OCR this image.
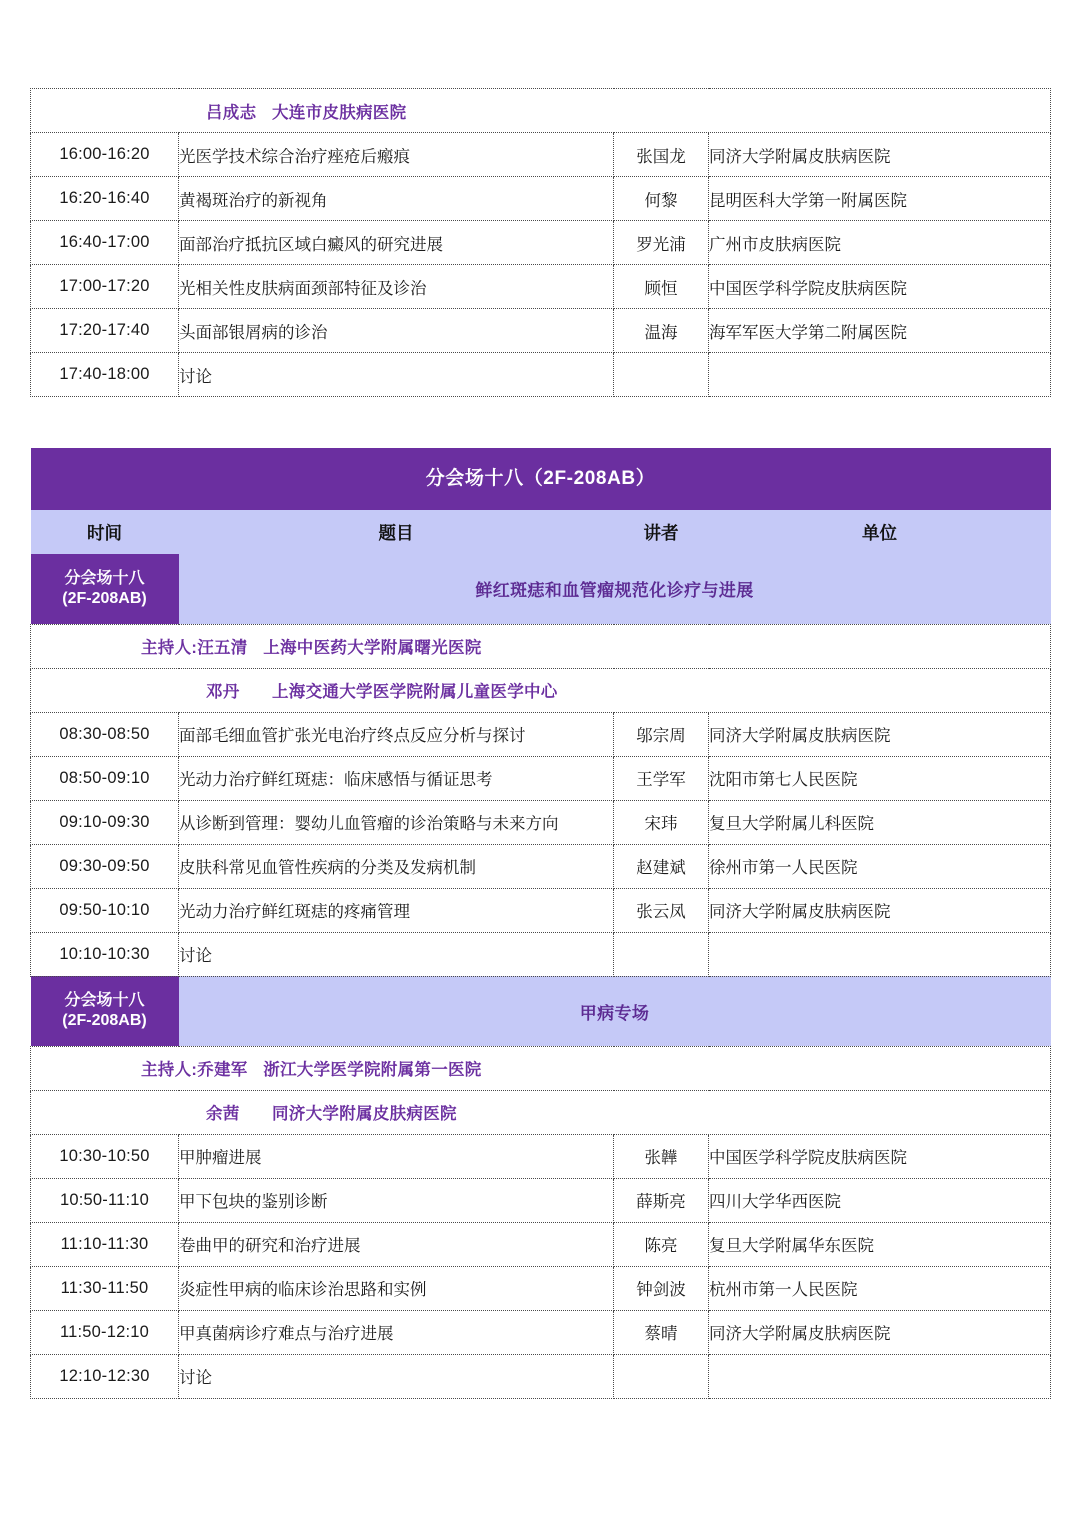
吕成志 大连市皮肤病医院			
16:00-16:20	光医学技术综合治疗痤疮后瘢痕	张国龙	同济大学附属皮肤病医院
16:20-16:40	黄褐斑治疗的新视角	何黎	昆明医科大学第一附属医院
16:40-17:00	面部治疗抵抗区域白癜风的研究进展	罗光浦	广州市皮肤病医院
17:00-17:20	光相关性皮肤病面颈部特征及诊治	顾恒	中国医学科学院皮肤病医院
17:20-17:40	头面部银屑病的诊治	温海	海军军医大学第二附属医院
17:40-18:00	讨论		
分会场十八（2F-208AB）			
时间	题目	讲者	单位

分会场十八
(2F-208AB)	鲜红斑痣和血管瘤规范化诊疗与进展		
主持人:汪五清 上海中医药大学附属曙光医院			
邓丹 上海交通大学医学院附属儿童医学中心			
08:30-08:50	面部毛细血管扩张光电治疗终点反应分析与探讨	邬宗周	同济大学附属皮肤病医院
08:50-09:10	光动力治疗鲜红斑痣：临床感悟与循证思考	王学军	沈阳市第七人民医院
09:10-09:30	从诊断到管理：婴幼儿血管瘤的诊治策略与未来方向	宋玮	复旦大学附属儿科医院
09:30-09:50	皮肤科常见血管性疾病的分类及发病机制	赵建斌	徐州市第一人民医院
09:50-10:10	光动力治疗鲜红斑痣的疼痛管理	张云凤	同济大学附属皮肤病医院
10:10-10:30	讨论		

分会场十八
(2F-208AB)	甲病专场		
主持人:乔建军 浙江大学医学院附属第一医院			
余茜 同济大学附属皮肤病医院			
10:30-10:50	甲肿瘤进展	张韡	中国医学科学院皮肤病医院
10:50-11:10	甲下包块的鉴别诊断	薛斯亮	四川大学华西医院
11:10-11:30	卷曲甲的研究和治疗进展	陈亮	复旦大学附属华东医院
11:30-11:50	炎症性甲病的临床诊治思路和实例	钟剑波	杭州市第一人民医院
11:50-12:10	甲真菌病诊疗难点与治疗进展	蔡晴	同济大学附属皮肤病医院
12:10-12:30	讨论		
